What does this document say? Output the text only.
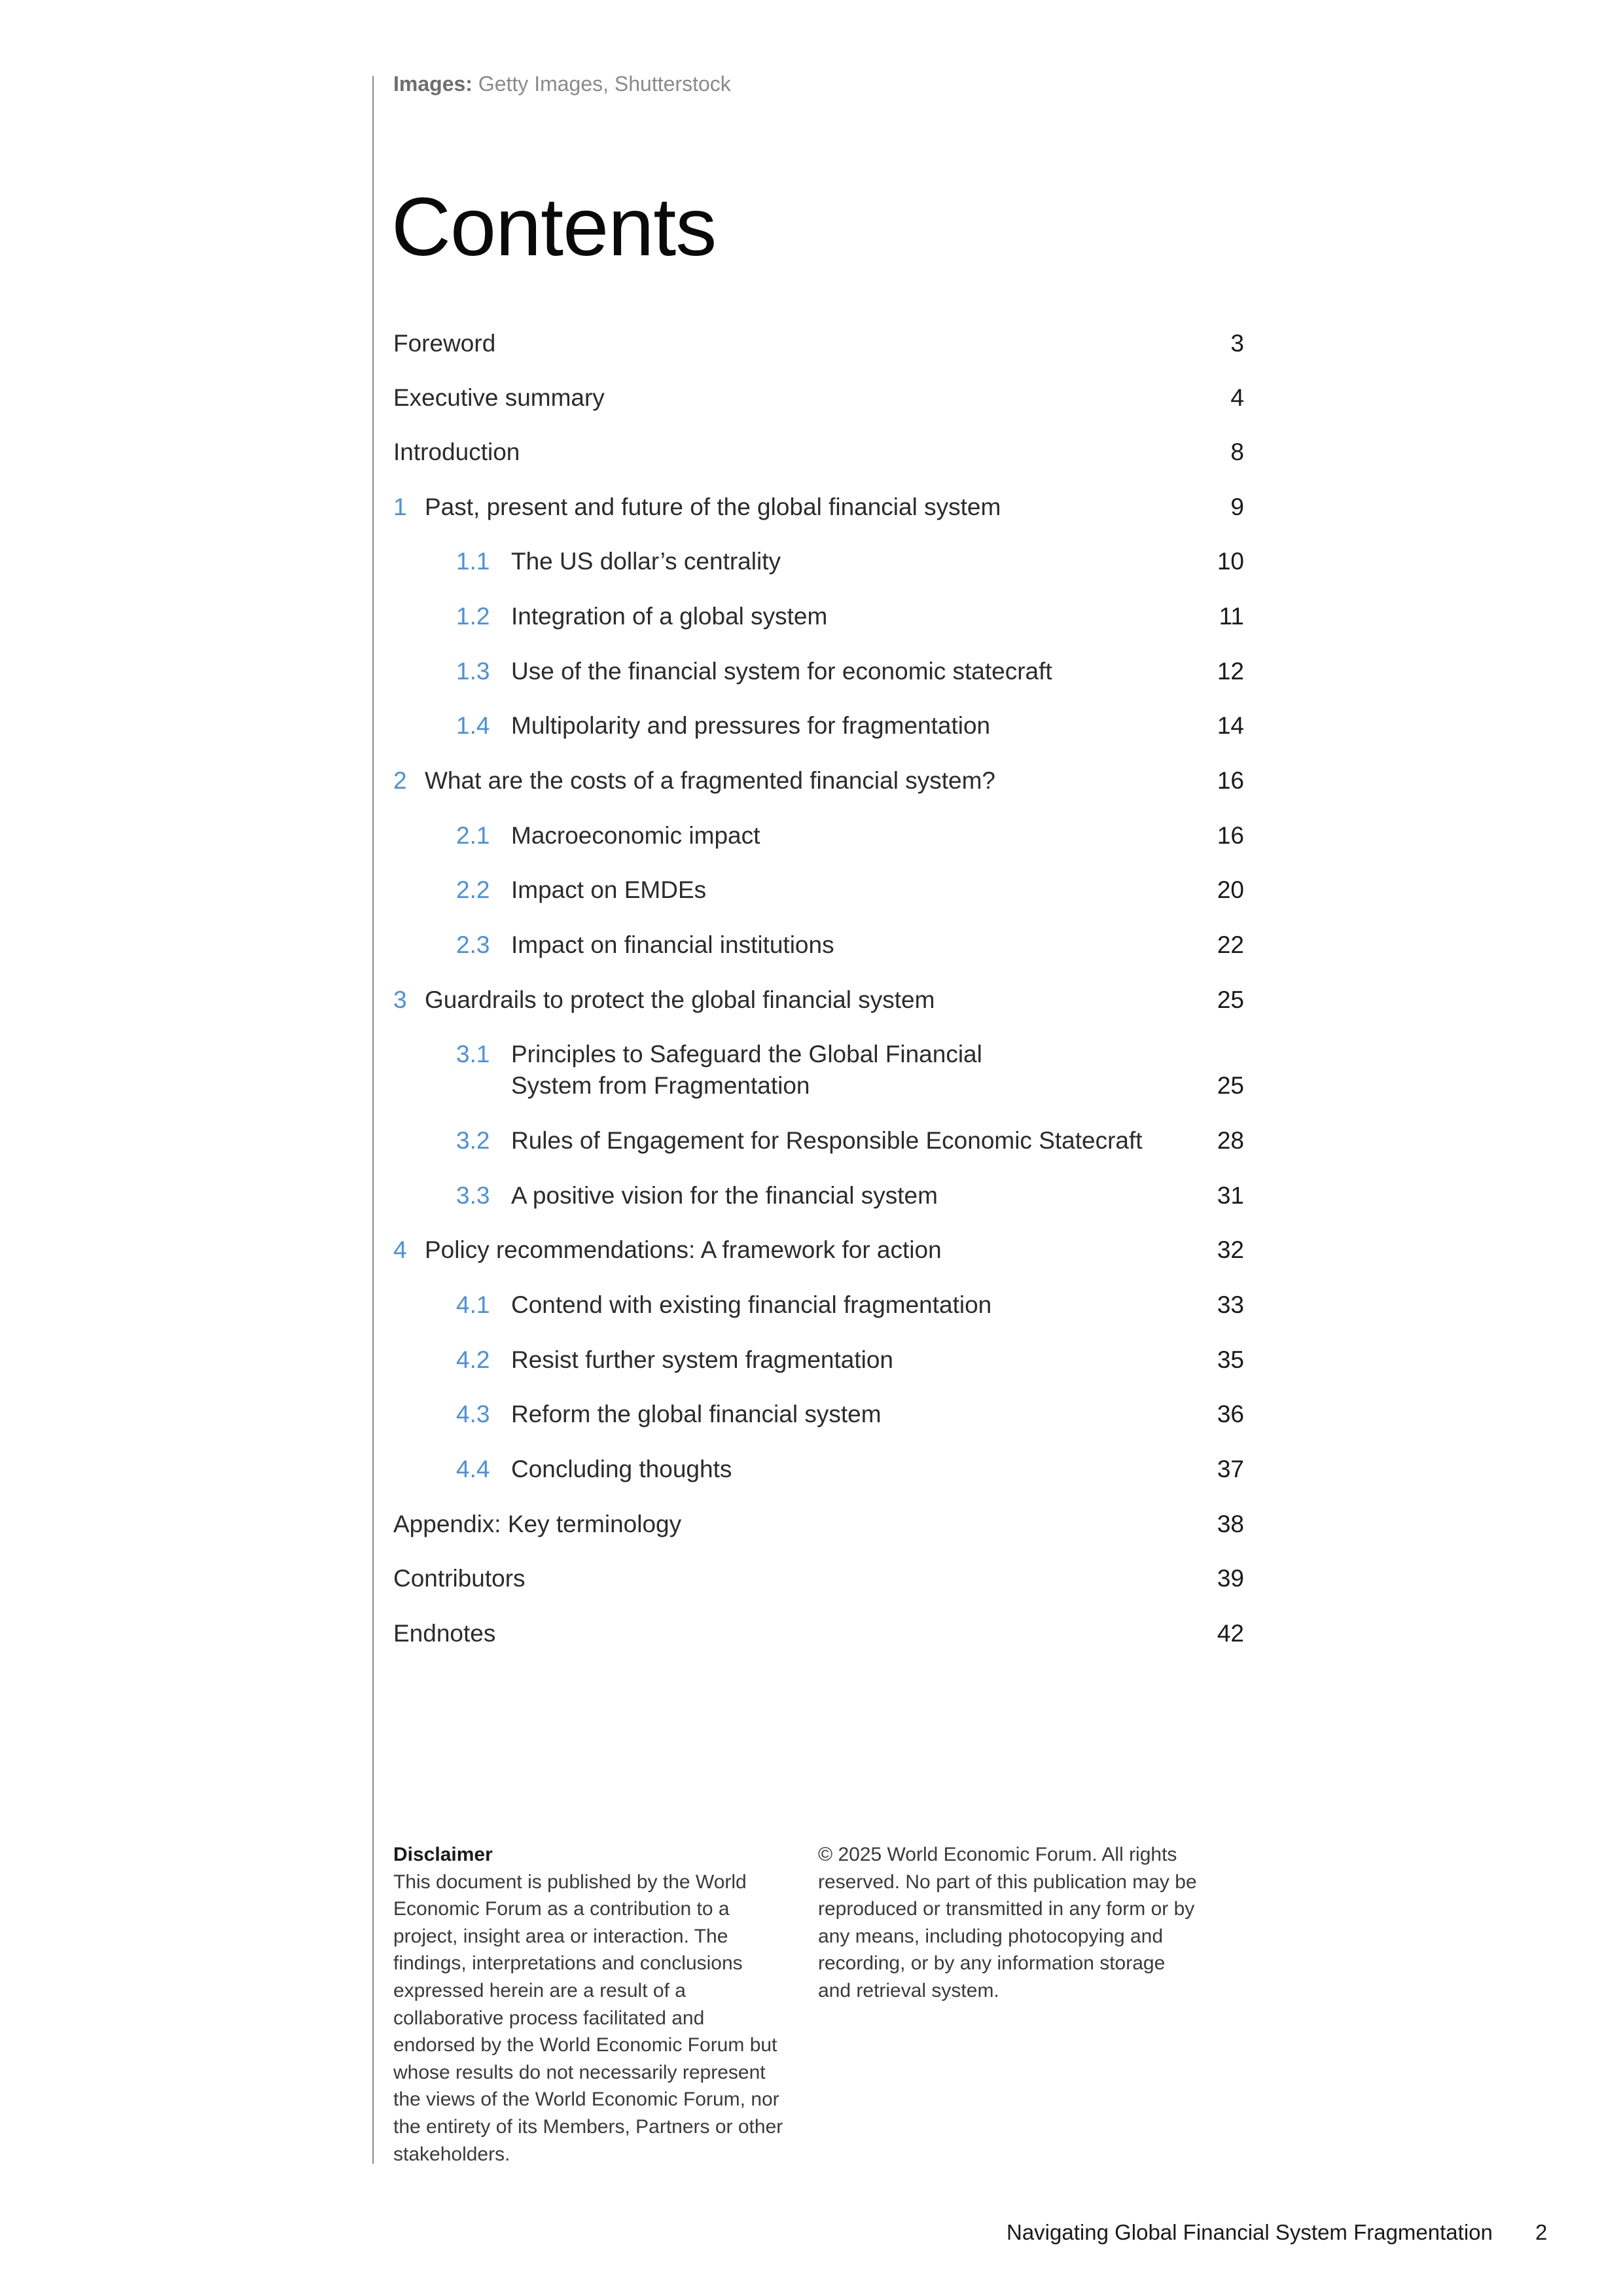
Images: Getty Images, Shutterstock
Contents
Foreword	3
Executive summary	4
Introduction	8
1 Past, present and future of the global financial system	9
1.1 The US dollar’s centrality	10
1.2 Integration of a global system	11
1.3 Use of the financial system for economic statecraft	12
1.4 Multipolarity and pressures for fragmentation	14
2 What are the costs of a fragmented financial system?	16
2.1 Macroeconomic impact	16
2.2 Impact on EMDEs	20
2.3 Impact on financial institutions	22
3 Guardrails to protect the global financial system	25
3.1 Principles to Safeguard the Global Financial
System from Fragmentation	25
3.2 Rules of Engagement for Responsible Economic Statecraft	28
3.3 A positive vision for the financial system	31
4 Policy recommendations: A framework for action	32
4.1 Contend with existing financial fragmentation	33
4.2 Resist further system fragmentation	35
4.3 Reform the global financial system	36
4.4 Concluding thoughts	37
Appendix: Key terminology	38
Contributors	39
Endnotes	42
Disclaimer
This document is published by the World Economic Forum as a contribution to a project, insight area or interaction. The findings, interpretations and conclusions expressed herein are a result of a collaborative process facilitated and endorsed by the World Economic Forum but whose results do not necessarily represent the views of the World Economic Forum, nor the entirety of its Members, Partners or other stakeholders.
© 2025 World Economic Forum. All rights reserved. No part of this publication may be reproduced or transmitted in any form or by any means, including photocopying and recording, or by any information storage and retrieval system.
Navigating Global Financial System Fragmentation 2
